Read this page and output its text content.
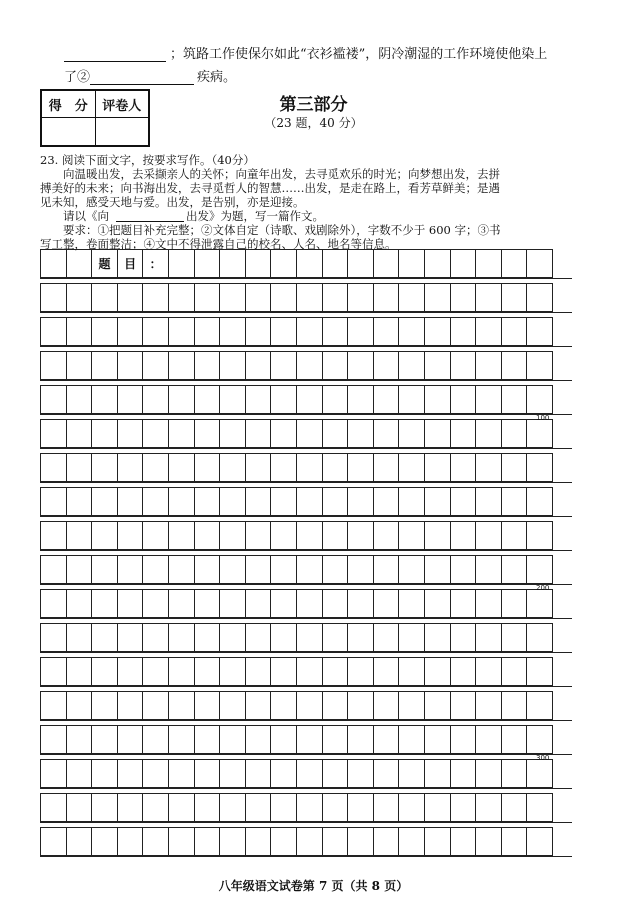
；筑路工作使保尔如此“衣衫褴褛”，阴冷潮湿的工作环境使他染上
了②	疾病。
得　分	评卷人
		第三部分
（23 题，40 分）
23. 阅读下面文字，按要求写作。（40分）
　　向温暖出发，去采撷亲人的关怀；向童年出发，去寻觅欢乐的时光；向梦想出发，去拼
搏美好的未来；向书海出发，去寻觅哲人的智慧……出发，是走在路上，看芳草鲜美；是遇
见未知，感受天地与爱。出发，是告别，亦是迎接。
　　请以《向	出发》为题，写一篇作文。
　　要求：①把题目补充完整；②文体自定（诗歌、戏剧除外），字数不少于 600 字；③书
写工整，卷面整洁；④文中不得泄露自己的校名、人名、地名等信息。
题	目	：
100
200
300
八年级语文试卷第 7 页（共 8 页）
